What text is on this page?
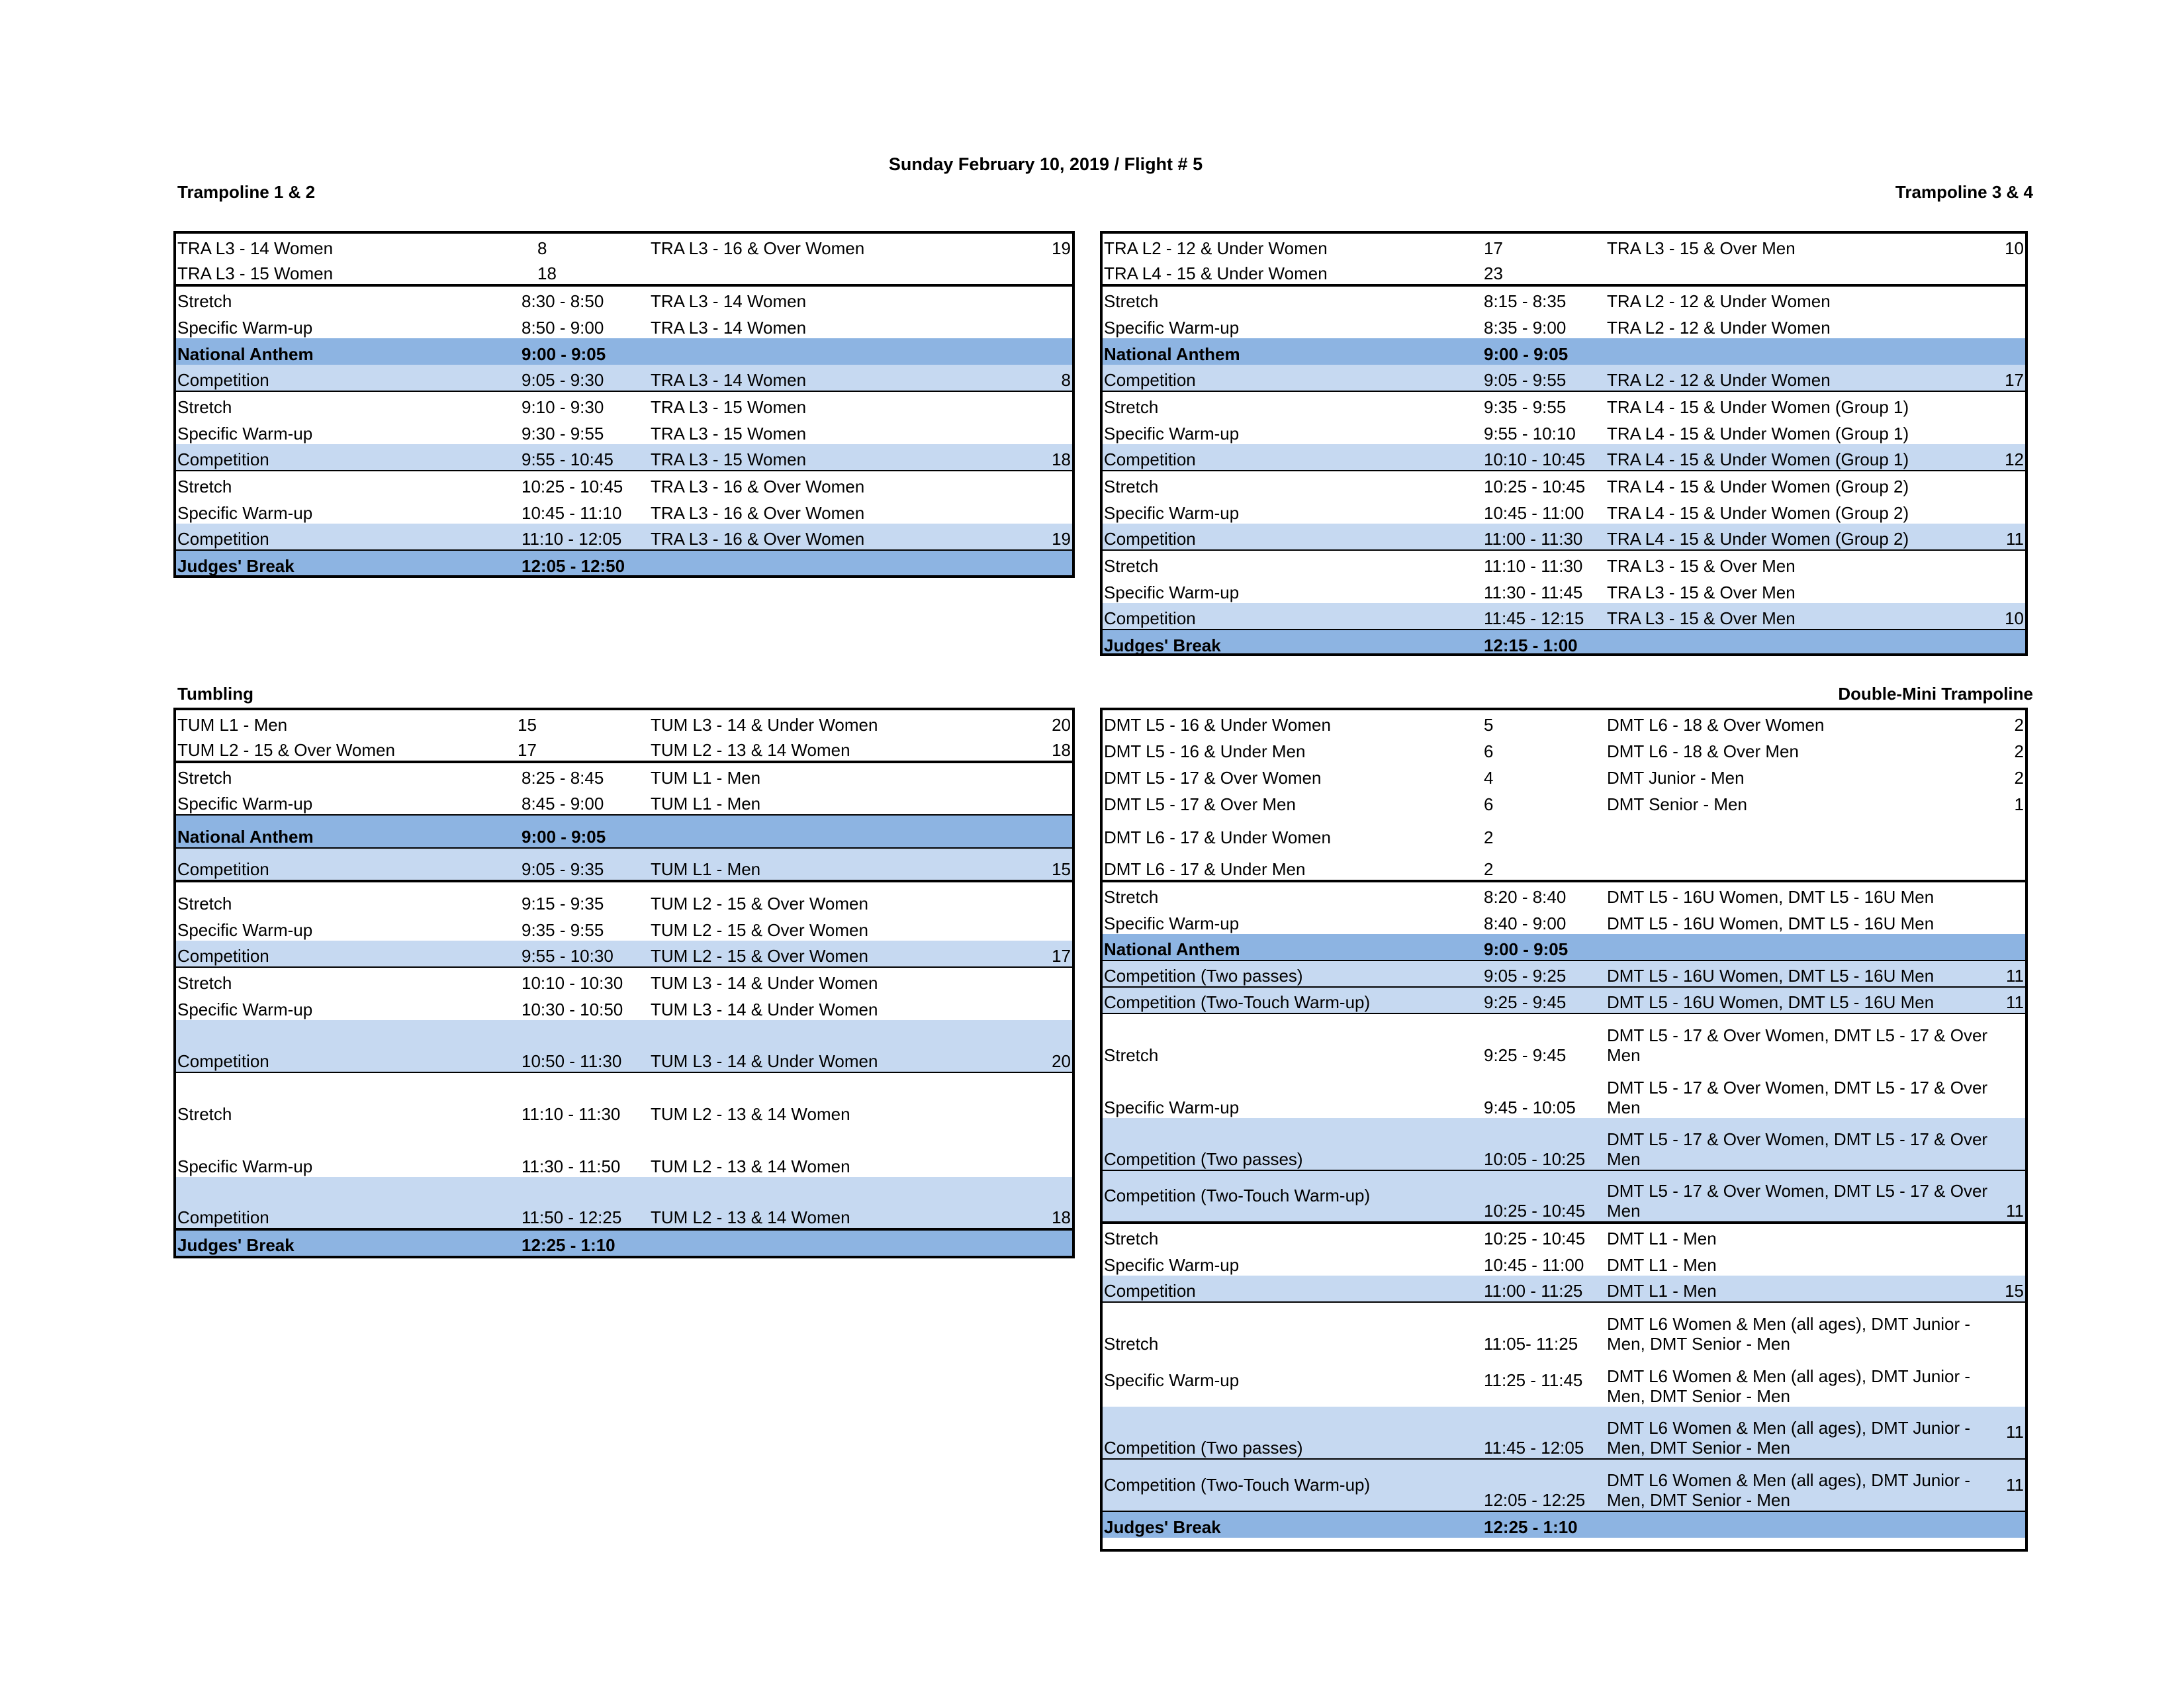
Sunday February 10, 2019 / Flight # 5
Trampoline 1 & 2	Trampoline 3 & 4
Tumbling	Double-Mini Trampoline
TRA L3 - 14 Women	8	TRA L3 - 16 & Over Women	19
TRA L3 - 15 Women	18		
Stretch	8:30 - 8:50	TRA L3 - 14 Women	
Specific Warm-up	8:50 - 9:00	TRA L3 - 14 Women	
National Anthem	9:00 - 9:05		
Competition	9:05 - 9:30	TRA L3 - 14 Women	8
Stretch	9:10 - 9:30	TRA L3 - 15 Women	
Specific Warm-up	9:30 - 9:55	TRA L3 - 15 Women	
Competition	9:55 - 10:45	TRA L3 - 15 Women	18
Stretch	10:25 - 10:45	TRA L3 - 16 & Over Women	
Specific Warm-up	10:45 - 11:10	TRA L3 - 16 & Over Women	
Competition	11:10 - 12:05	TRA L3 - 16 & Over Women	19
Judges' Break	12:05 - 12:50		
TRA L2 - 12 & Under Women	17	TRA L3 - 15 & Over Men	10
TRA L4 - 15 & Under Women	23		
Stretch	8:15 - 8:35	TRA L2 - 12 & Under Women	
Specific Warm-up	8:35 - 9:00	TRA L2 - 12 & Under Women	
National Anthem	9:00 - 9:05		
Competition	9:05 - 9:55	TRA L2 - 12 & Under Women	17
Stretch	9:35 - 9:55	TRA L4 - 15 & Under Women (Group 1)	
Specific Warm-up	9:55 - 10:10	TRA L4 - 15 & Under Women (Group 1)	
Competition	10:10 - 10:45	TRA L4 - 15 & Under Women (Group 1)	12
Stretch	10:25 - 10:45	TRA L4 - 15 & Under Women (Group 2)	
Specific Warm-up	10:45 - 11:00	TRA L4 - 15 & Under Women (Group 2)	
Competition	11:00 - 11:30	TRA L4 - 15 & Under Women (Group 2)	11
Stretch	11:10 - 11:30	TRA L3 - 15 & Over Men	
Specific Warm-up	11:30 - 11:45	TRA L3 - 15 & Over Men	
Competition	11:45 - 12:15	TRA L3 - 15 & Over Men	10
Judges' Break	12:15 - 1:00		
TUM L1 - Men	15	TUM L3 - 14 & Under Women	20
TUM L2 - 15 & Over Women	17	TUM L2 - 13 & 14 Women	18
Stretch	8:25 - 8:45	TUM L1 - Men	
Specific Warm-up	8:45 - 9:00	TUM L1 - Men	
National Anthem	9:00 - 9:05		
Competition	9:05 - 9:35	TUM L1 - Men	15
Stretch	9:15 - 9:35	TUM L2 - 15 & Over Women	
Specific Warm-up	9:35 - 9:55	TUM L2 - 15 & Over Women	
Competition	9:55 - 10:30	TUM L2 - 15 & Over Women	17
Stretch	10:10 - 10:30	TUM L3 - 14 & Under Women	
Specific Warm-up	10:30 - 10:50	TUM L3 - 14 & Under Women	
Competition	10:50 - 11:30	TUM L3 - 14 & Under Women	20
Stretch	11:10 - 11:30	TUM L2 - 13 & 14 Women	
Specific Warm-up	11:30 - 11:50	TUM L2 - 13 & 14 Women	
Competition	11:50 - 12:25	TUM L2 - 13 & 14 Women	18
Judges' Break	12:25 - 1:10		
DMT L5 - 16 & Under Women	5	DMT L6 - 18 & Over Women	2
DMT L5 - 16 & Under Men	6	DMT L6 - 18 & Over Men	2
DMT L5 - 17 & Over Women	4	DMT Junior - Men	2
DMT L5 - 17 & Over Men	6	DMT Senior - Men	1
DMT L6 - 17 & Under Women	2		
DMT L6 - 17 & Under Men	2		
Stretch	8:20 - 8:40	DMT L5 - 16U Women, DMT L5 - 16U Men	
Specific Warm-up	8:40 - 9:00	DMT L5 - 16U Women, DMT L5 - 16U Men	
National Anthem	9:00 - 9:05		
Competition (Two passes)	9:05 - 9:25	DMT L5 - 16U Women, DMT L5 - 16U Men	11
Competition (Two-Touch Warm-up)	9:25 - 9:45	DMT L5 - 16U Women, DMT L5 - 16U Men	11
Stretch	9:25 - 9:45	DMT L5 - 17 & Over Women, DMT L5 - 17 & Over Men	
Specific Warm-up	9:45 - 10:05	DMT L5 - 17 & Over Women, DMT L5 - 17 & Over Men	
Competition (Two passes)	10:05 - 10:25	DMT L5 - 17 & Over Women, DMT L5 - 17 & Over Men	
Competition (Two-Touch Warm-up)	10:25 - 10:45	DMT L5 - 17 & Over Women, DMT L5 - 17 & Over Men	11
Stretch	10:25 - 10:45	DMT L1 - Men	
Specific Warm-up	10:45 - 11:00	DMT L1 - Men	
Competition	11:00 - 11:25	DMT L1 - Men	15
Stretch	11:05- 11:25	DMT L6 Women & Men (all ages), DMT Junior - Men, DMT Senior - Men	
Specific Warm-up	11:25 - 11:45	DMT L6 Women & Men (all ages), DMT Junior - Men, DMT Senior - Men	
Competition (Two passes)	11:45 - 12:05	DMT L6 Women & Men (all ages), DMT Junior - Men, DMT Senior - Men	11
Competition (Two-Touch Warm-up)	12:05 - 12:25	DMT L6 Women & Men (all ages), DMT Junior - Men, DMT Senior - Men	11
Judges' Break	12:25 - 1:10		
